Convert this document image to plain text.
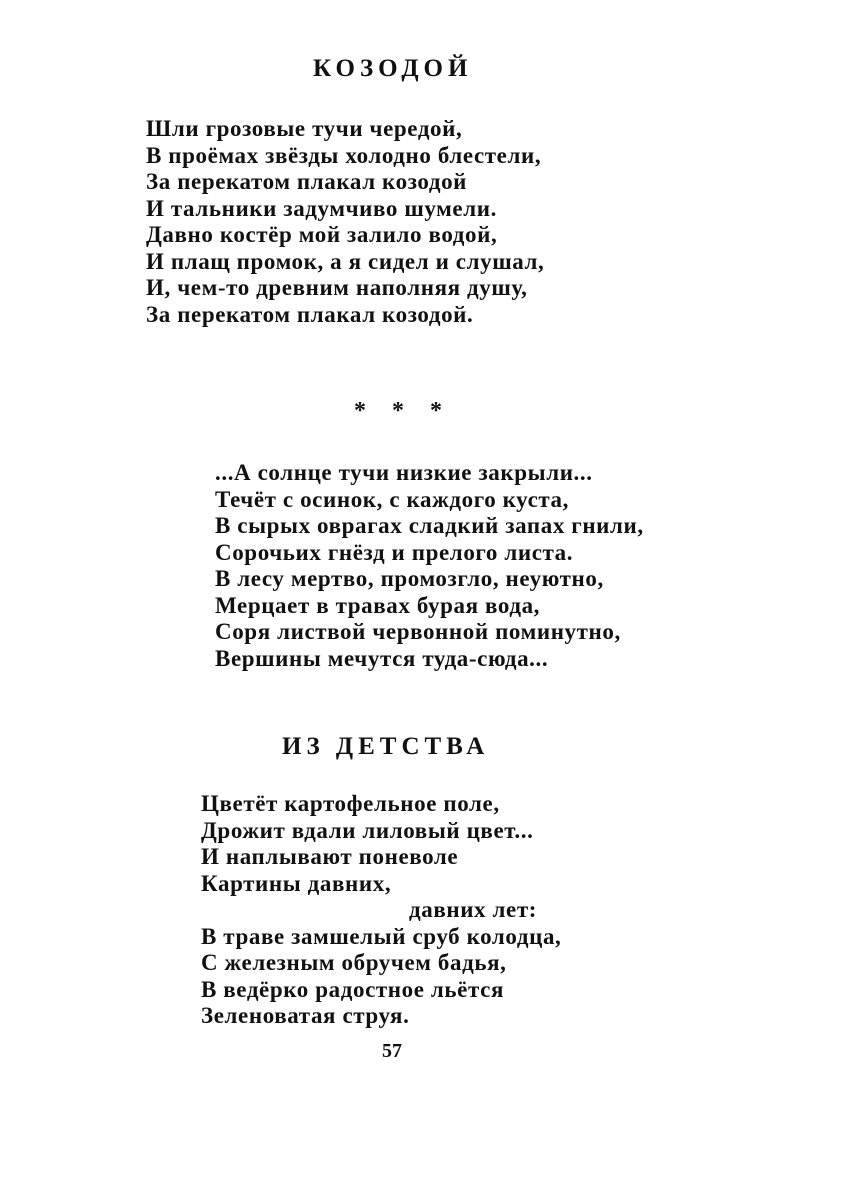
КОЗОДОЙ
Шли грозовые тучи чередой,
В проёмах звёзды холодно блестели,
За перекатом плакал козодой
И тальники задумчиво шумели.
Давно костёр мой залило водой,
И плащ промок, а я сидел и слушал,
И, чем-то древним наполняя душу,
За перекатом плакал козодой.
* * *
...А солнце тучи низкие закрыли...
Течёт с осинок, с каждого куста,
В сырых оврагах сладкий запах гнили,
Сорочьих гнёзд и прелого листа.
В лесу мертво, промозгло, неуютно,
Мерцает в травах бурая вода,
Соря листвой червонной поминутно,
Вершины мечутся туда-сюда...
ИЗ ДЕТСТВА
Цветёт картофельное поле,
Дрожит вдали лиловый цвет...
И наплывают поневоле
Картины давних,
давних лет:
В траве замшелый сруб колодца,
С железным обручем бадья,
В ведёрко радостное льётся
Зеленоватая струя.
57
